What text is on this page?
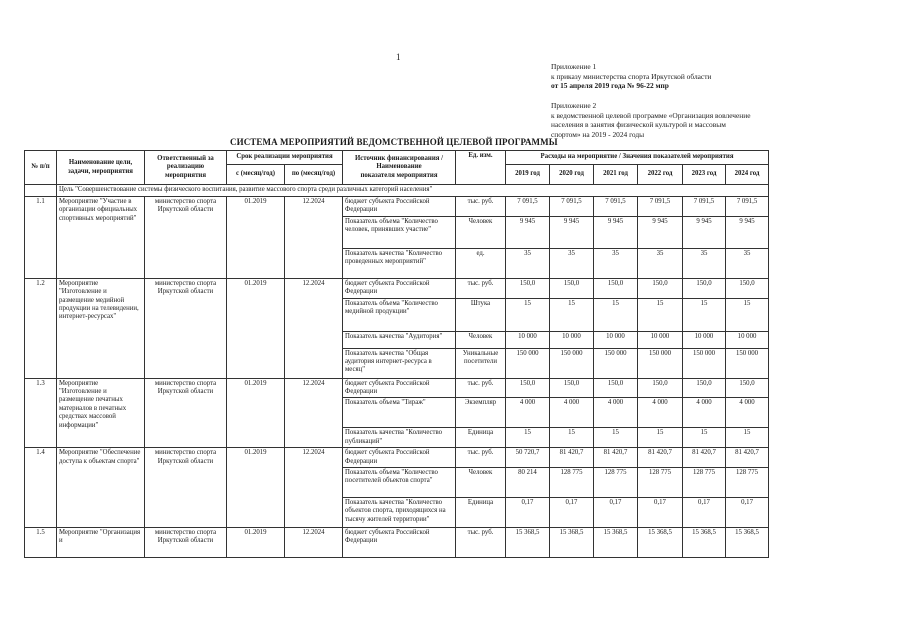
1
Приложение 1
к приказу министерства спорта Иркутской области
от 15 апреля 2019 года № 96-22 мпр
Приложение 2
к ведомственной целевой программе «Организация вовлечение
населения в занятия физической культурой и массовым
спортом» на 2019 - 2024 годы
СИСТЕМА МЕРОПРИЯТИЙ ВЕДОМСТВЕННОЙ ЦЕЛЕВОЙ ПРОГРАММЫ
№ п/п	Наименование цели, задачи, мероприятия	Ответственный за реализацию мероприятия	Срок реализации мероприятия		Источник финансирования /
Наименование
показателя мероприятия	Ед. изм.	Расходы на мероприятие / Значения показателей мероприятия					
			с (месяц/год)	по (месяц/год)			2019 год	2020 год	2021 год	2022 год	2023 год	2024 год
	Цель "Совершенствование системы физического воспитания, развитие массового спорта среди различных категорий населения"											
1.1	Мероприятие "Участие в организации официальных спортивных мероприятий"	министерство спорта Иркутской области	01.2019	12.2024	бюджет субъекта Российской Федерации	тыс. руб.	7 091,5	7 091,5	7 091,5	7 091,5	7 091,5	7 091,5
					Показатель объема "Количество человек, принявших участие"	Человек	9 945	9 945	9 945	9 945	9 945	9 945
					Показатель качества "Количество проведенных мероприятий"	ед.	35	35	35	35	35	35
1.2	Мероприятие "Изготовление и размещение медийной продукции на телевидении, интернет-ресурсах"	министерство спорта Иркутской области	01.2019	12.2024	бюджет субъекта Российской Федерации	тыс. руб.	150,0	150,0	150,0	150,0	150,0	150,0
					Показатель объема "Количество медийной продукции"	Штука	15	15	15	15	15	15
					Показатель качества "Аудитория"	Человек	10 000	10 000	10 000	10 000	10 000	10 000
					Показатель качества "Общая аудитория интернет-ресурса в месяц"	Уникальные посетители	150 000	150 000	150 000	150 000	150 000	150 000
1.3	Мероприятие "Изготовление и размещение печатных материалов в печатных средствах массовой информации"	министерство спорта Иркутской области	01.2019	12.2024	бюджет субъекта Российской Федерации	тыс. руб.	150,0	150,0	150,0	150,0	150,0	150,0
					Показатель объема "Тираж"	Экземпляр	4 000	4 000	4 000	4 000	4 000	4 000
					Показатель качества "Количество публикаций"	Единица	15	15	15	15	15	15
1.4	Мероприятие "Обеспечение доступа к объектам спорта"	министерство спорта Иркутской области	01.2019	12.2024	бюджет субъекта Российской Федерации	тыс. руб.	50 720,7	81 420,7	81 420,7	81 420,7	81 420,7	81 420,7
					Показатель объема "Количество посетителей объектов спорта"	Человек	80 214	128 775	128 775	128 775	128 775	128 775
					Показатель качества "Количество объектов спорта, приходящихся на тысячу жителей территории"	Единица	0,17	0,17	0,17	0,17	0,17	0,17
1.5	Мероприятие "Организация и	министерство спорта Иркутской области	01.2019	12.2024	бюджет субъекта Российской Федерации	тыс. руб.	15 368,5	15 368,5	15 368,5	15 368,5	15 368,5	15 368,5
